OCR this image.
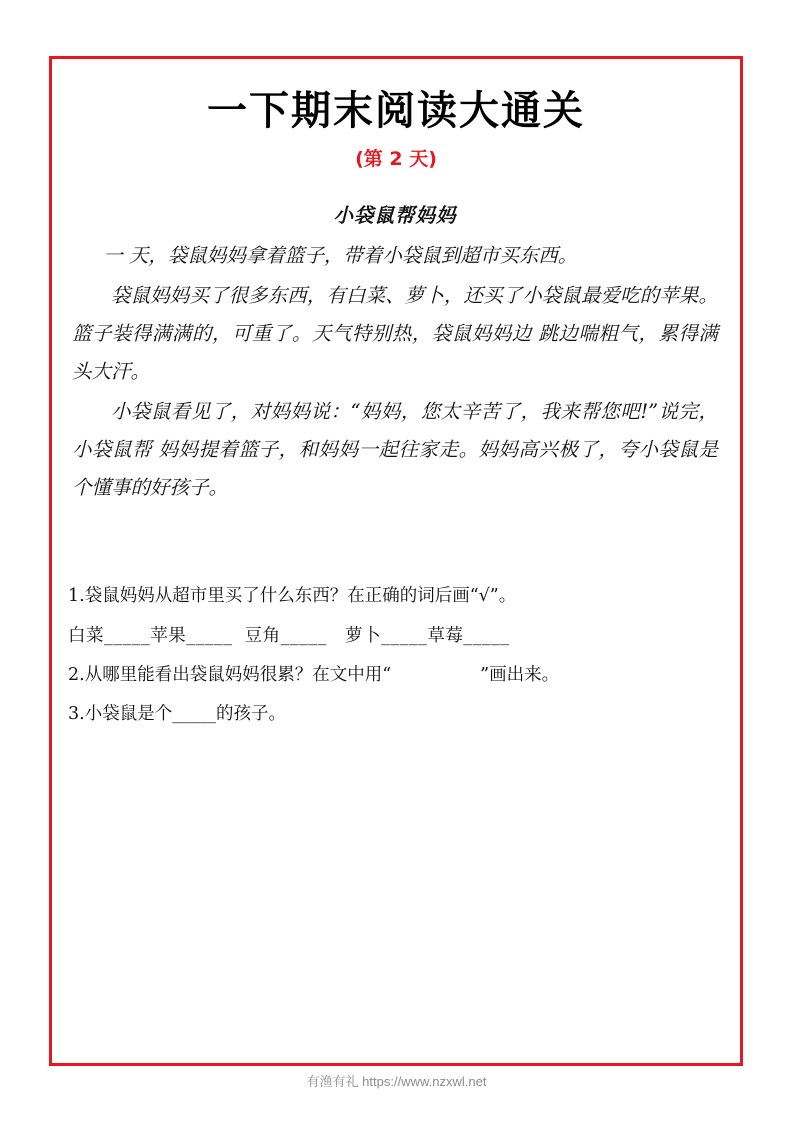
一下期末阅读大通关
(第 2 天)
小袋鼠帮妈妈

一 天，袋鼠妈妈拿着篮子，带着小袋鼠到超市买东西。

袋鼠妈妈买了很多东西，有白菜、萝卜，还买了小袋鼠最爱吃的苹果。篮子装得满满的，可重了。天气特别热，袋鼠妈妈边 跳边喘粗气，累得满头大汗。

小袋鼠看见了，对妈妈说：“妈妈，您太辛苦了，我来帮您吧!”说完，小袋鼠帮 妈妈提着篮子，和妈妈一起往家走。妈妈高兴极了，夸小袋鼠是个懂事的好孩子。

1.袋鼠妈妈从超市里买了什么东西？在正确的词后画“√”。

白菜_____苹果_____  豆角_____   萝卜_____草莓_____

2.从哪里能看出袋鼠妈妈很累？在文中用“                ”画出来。

3.小袋鼠是个_____的孩子。

有渔有礼 https://www.nzxwl.net
